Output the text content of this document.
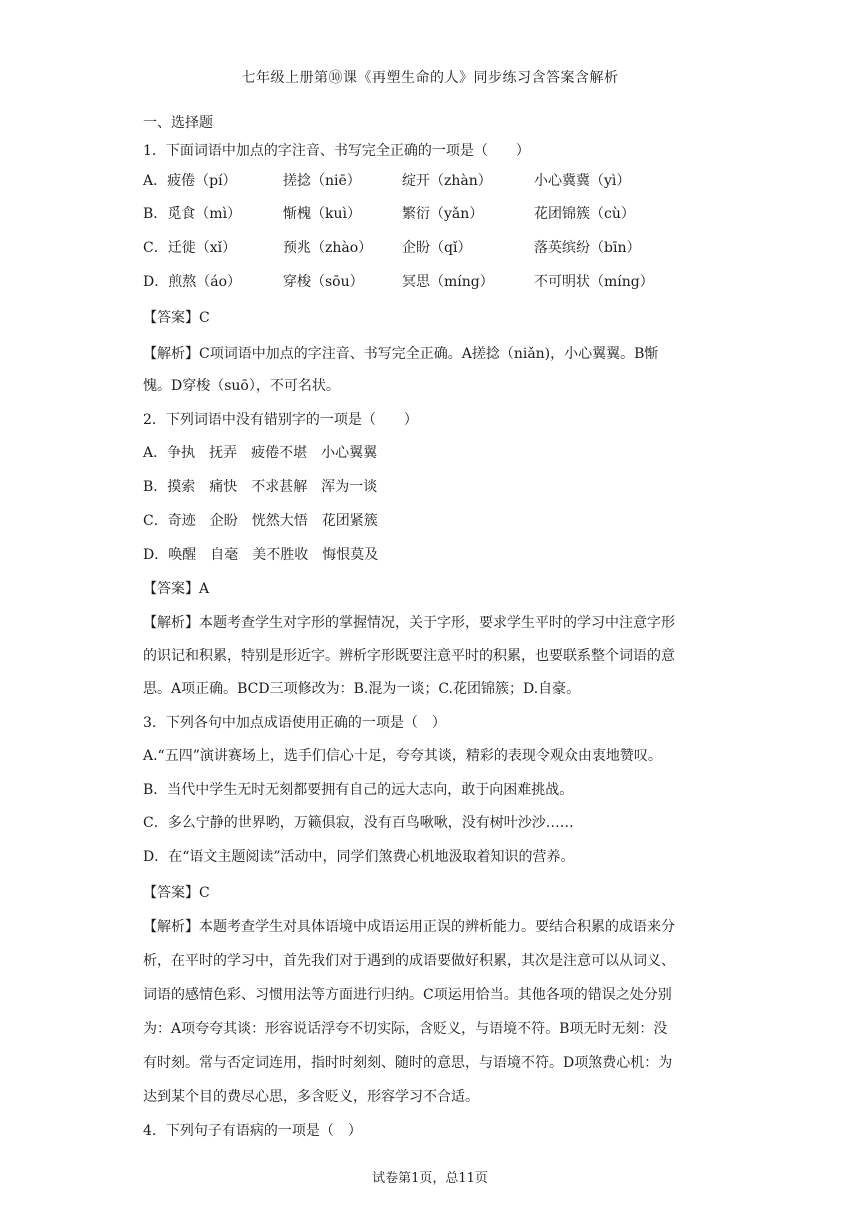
七年级上册第⑩课《再塑生命的人》同步练习含答案含解析
一、选择题
1．下面词语中加点的字注音、书写完全正确的一项是（　　）
A．疲倦（pí）	搓捻（niē）	绽开（zhàn）	小心冀冀（yì）
B．觅食（mì）	惭槐（kuì）	繁衍（yǎn）	花团锦簇（cù）
C．迁徙（xǐ）	预兆（zhào） 企盼（qǐ）	落英缤纷（bīn）
D．煎熬（áo）	穿梭（sōu）	冥思（míng）	不可明状（míng）
【答案】C
【解析】C项词语中加点的字注音、书写完全正确。A搓捻（niǎn)，小心翼翼。B惭
愧。D穿梭（suō），不可名状。
2．下列词语中没有错别字的一项是（　　）
A．争执　抚弄　疲倦不堪　小心翼翼
B．摸索　痛快　不求甚解　浑为一谈
C．奇迹　企盼　恍然大悟　花团紧簇
D．唤醒　自毫　美不胜收　悔恨莫及
【答案】A
【解析】本题考查学生对字形的掌握情况，关于字形，要求学生平时的学习中注意字形
的识记和积累，特别是形近字。辨析字形既要注意平时的积累，也要联系整个词语的意
思。A项正确。BCD三项修改为：B.混为一谈；C.花团锦簇；D.自豪。
3．下列各句中加点成语使用正确的一项是（　）
A.“五四”演讲赛场上，选手们信心十足，夸夸其谈，精彩的表现令观众由衷地赞叹。
B．当代中学生无时无刻都要拥有自己的远大志向，敢于向困难挑战。
C．多么宁静的世界哟，万籁俱寂，没有百鸟啾啾，没有树叶沙沙……
D．在“语文主题阅读”活动中，同学们煞费心机地汲取着知识的营养。
【答案】C
【解析】本题考查学生对具体语境中成语运用正误的辨析能力。要结合积累的成语来分
析，在平时的学习中，首先我们对于遇到的成语要做好积累，其次是注意可以从词义、
词语的感情色彩、习惯用法等方面进行归纳。C项运用恰当。其他各项的错误之处分别
为：A项夸夸其谈：形容说话浮夸不切实际，含贬义，与语境不符。B项无时无刻：没
有时刻。常与否定词连用，指时时刻刻、随时的意思，与语境不符。D项煞费心机：为
达到某个目的费尽心思，多含贬义，形容学习不合适。
4．下列句子有语病的一项是（　）
试卷第1页，总11页
